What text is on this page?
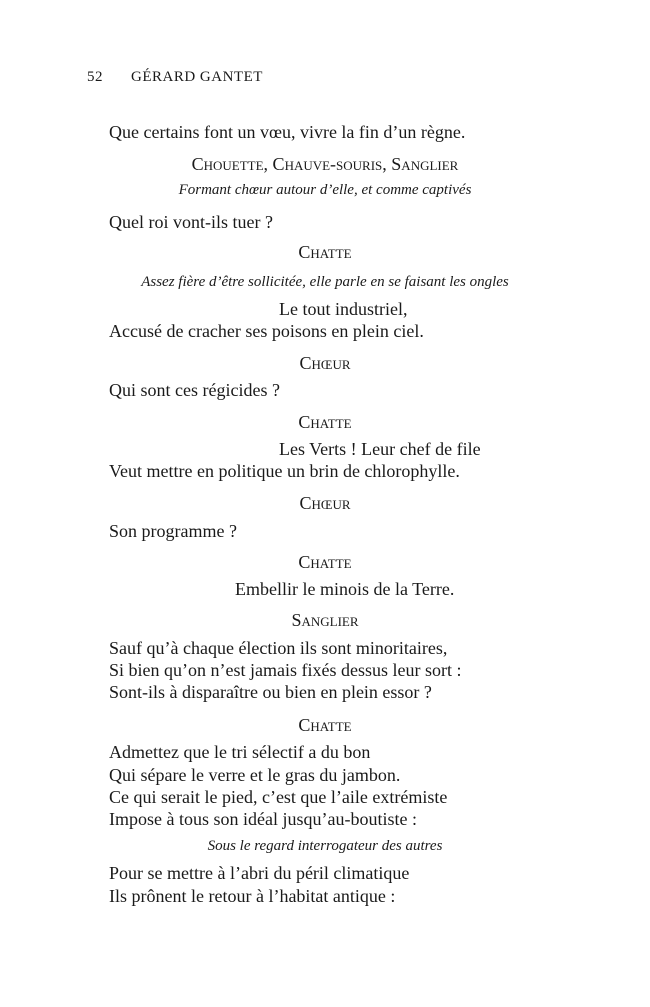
52 GÉRARD GANTET
Que certains font un vœu, vivre la fin d’un règne.
Chouette, Chauve-souris, Sanglier
Formant chœur autour d’elle, et comme captivés
Quel roi vont-ils tuer ?
Chatte
Assez fière d’être sollicitée, elle parle en se faisant les ongles
Le tout industriel,
Accusé de cracher ses poisons en plein ciel.
Chœur
Qui sont ces régicides ?
Chatte
Les Verts ! Leur chef de file
Veut mettre en politique un brin de chlorophylle.
Chœur
Son programme ?
Chatte
Embellir le minois de la Terre.
Sanglier
Sauf qu’à chaque élection ils sont minoritaires,
Si bien qu’on n’est jamais fixés dessus leur sort :
Sont-ils à disparaître ou bien en plein essor ?
Chatte
Admettez que le tri sélectif a du bon
Qui sépare le verre et le gras du jambon.
Ce qui serait le pied, c’est que l’aile extrémiste
Impose à tous son idéal jusqu’au-boutiste :
Sous le regard interrogateur des autres
Pour se mettre à l’abri du péril climatique
Ils prônent le retour à l’habitat antique :
